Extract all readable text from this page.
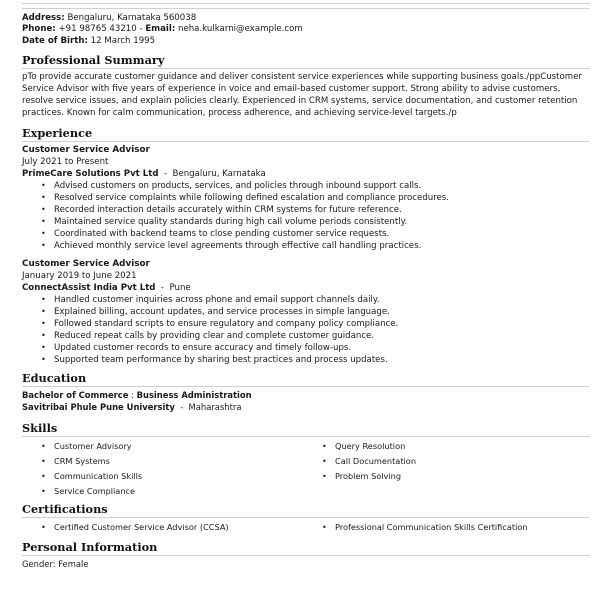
Address: Bengaluru, Karnataka 560038
Phone: +91 98765 43210 - Email: neha.kulkarni@example.com
Date of Birth: 12 March 1995
Professional Summary
pTo provide accurate customer guidance and deliver consistent service experiences while supporting business goals./ppCustomer Service Advisor with five years of experience in voice and email-based customer support. Strong ability to advise customers, resolve service issues, and explain policies clearly. Experienced in CRM systems, service documentation, and customer retention practices. Known for calm communication, process adherence, and achieving service-level targets./p
Experience
Customer Service Advisor
July 2021 to Present
PrimeCare Solutions Pvt Ltd  -  Bengaluru, Karnataka
• Advised customers on products, services, and policies through inbound support calls.
• Resolved service complaints while following defined escalation and compliance procedures.
• Recorded interaction details accurately within CRM systems for future reference.
• Maintained service quality standards during high call volume periods consistently.
• Coordinated with backend teams to close pending customer service requests.
• Achieved monthly service level agreements through effective call handling practices.
Customer Service Advisor
January 2019 to June 2021
ConnectAssist India Pvt Ltd  -  Pune
• Handled customer inquiries across phone and email support channels daily.
• Explained billing, account updates, and service processes in simple language.
• Followed standard scripts to ensure regulatory and company policy compliance.
• Reduced repeat calls by providing clear and complete customer guidance.
• Updated customer records to ensure accuracy and timely follow-ups.
• Supported team performance by sharing best practices and process updates.
Education
Bachelor of Commerce : Business Administration
Savitribai Phule Pune University  -  Maharashtra
Skills
• Customer Advisory
• CRM Systems
• Communication Skills
• Service Compliance
• Query Resolution
• Call Documentation
• Problem Solving
Certifications
• Certified Customer Service Advisor (CCSA)	• Professional Communication Skills Certification
Personal Information
Gender: Female
